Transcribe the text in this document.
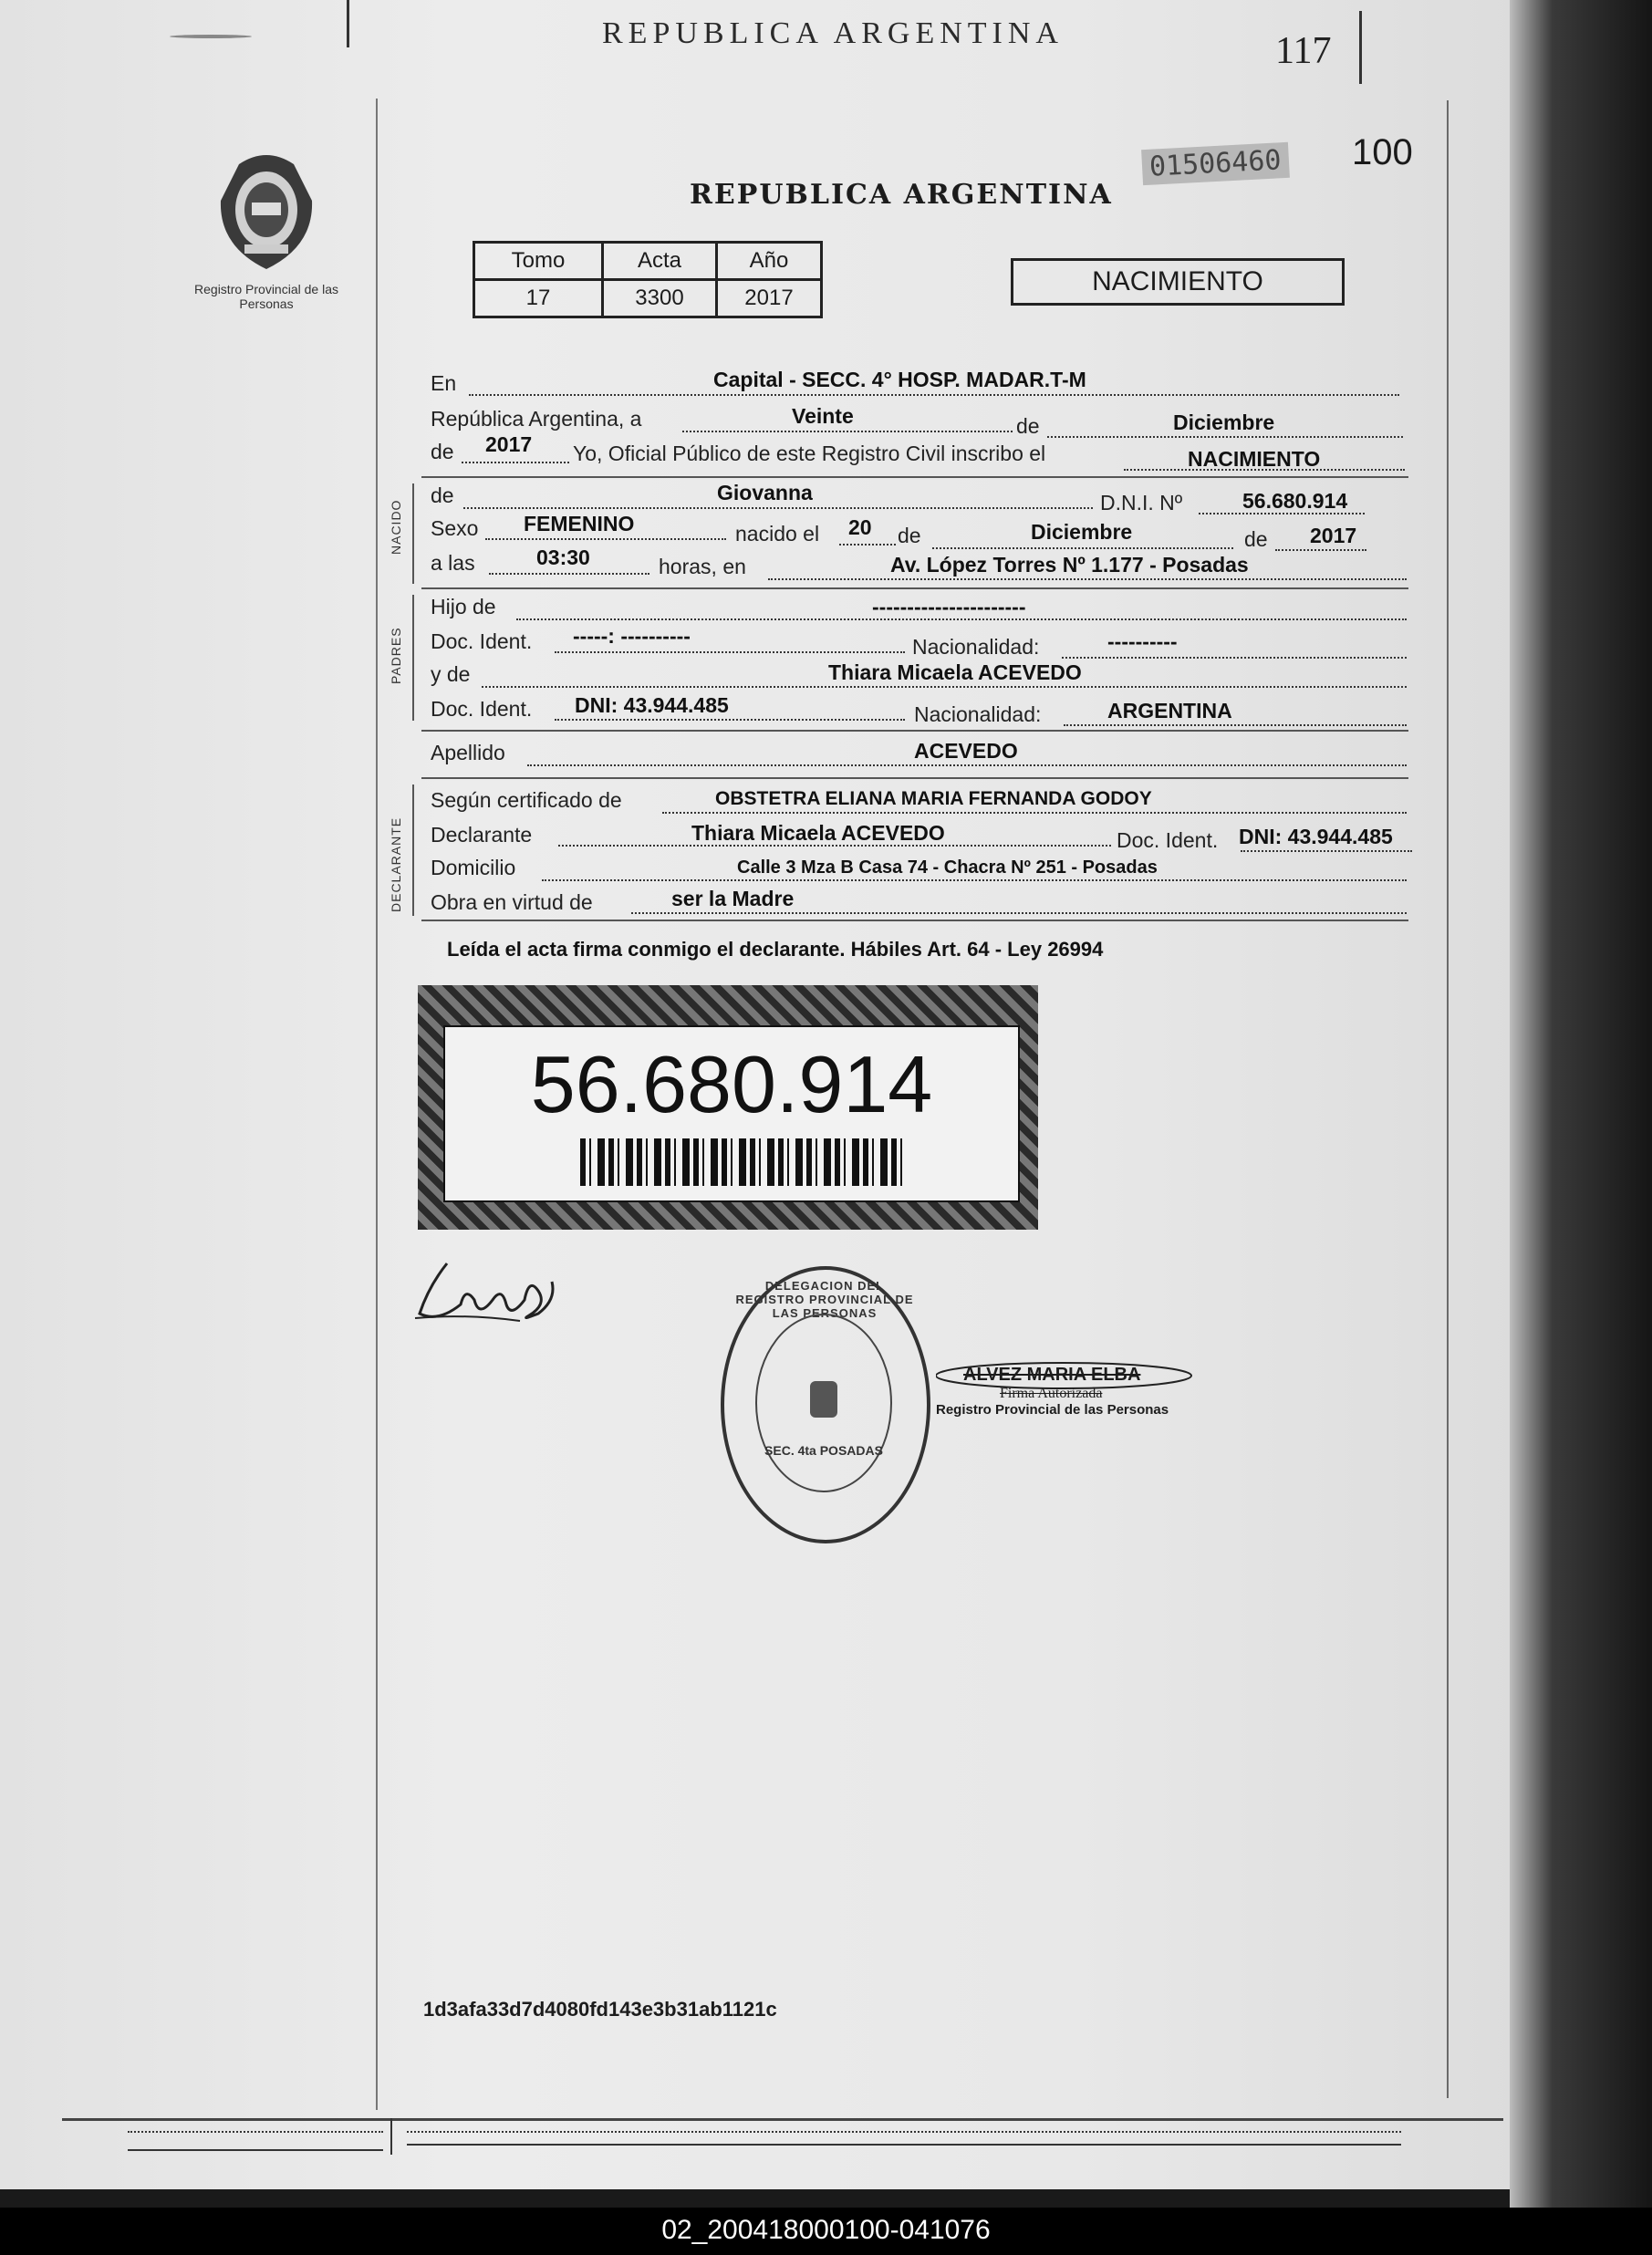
REPUBLICA ARGENTINA	117
Registro Provincial de las Personas
01506460 100
REPUBLICA ARGENTINA
Tomo	Acta	Año
17	3300	2017
NACIMIENTO
En	Capital - SECC. 4° HOSP. MADAR.T-M
República Argentina, a	Veinte	de	Diciembre
de 2017 Yo, Oficial Público de este Registro Civil inscribo el	NACIMIENTO
NACIDO
de	Giovanna	D.N.I. Nº	56.680.914
Sexo FEMENINO	nacido el 20 de	Diciembre	de 2017
a las	03:30	horas, en	Av. López Torres Nº 1.177 - Posadas
PADRES
Hijo de	----------------------
Doc. Ident. -----: ----------	Nacionalidad:	----------
y de	Thiara Micaela ACEVEDO
Doc. Ident. DNI: 43.944.485	Nacionalidad:	ARGENTINA
Apellido	ACEVEDO
DECLARANTE
Según certificado de	OBSTETRA ELIANA MARIA FERNANDA GODOY
Declarante	Thiara Micaela ACEVEDO	Doc. Ident. DNI: 43.944.485
Domicilio	Calle 3 Mza B Casa 74 - Chacra Nº 251 - Posadas
Obra en virtud de	ser la Madre
Leída el acta firma conmigo el declarante. Hábiles Art. 64 - Ley 26994
56.680.914
DELEGACION DEL REGISTRO PROVINCIAL DE LAS PERSONAS
SEC. 4ta POSADAS
ALVEZ MARIA ELBA
Firma Autorizada
Registro Provincial de las Personas
1d3afa33d7d4080fd143e3b31ab1121c
02_200418000100-041076
